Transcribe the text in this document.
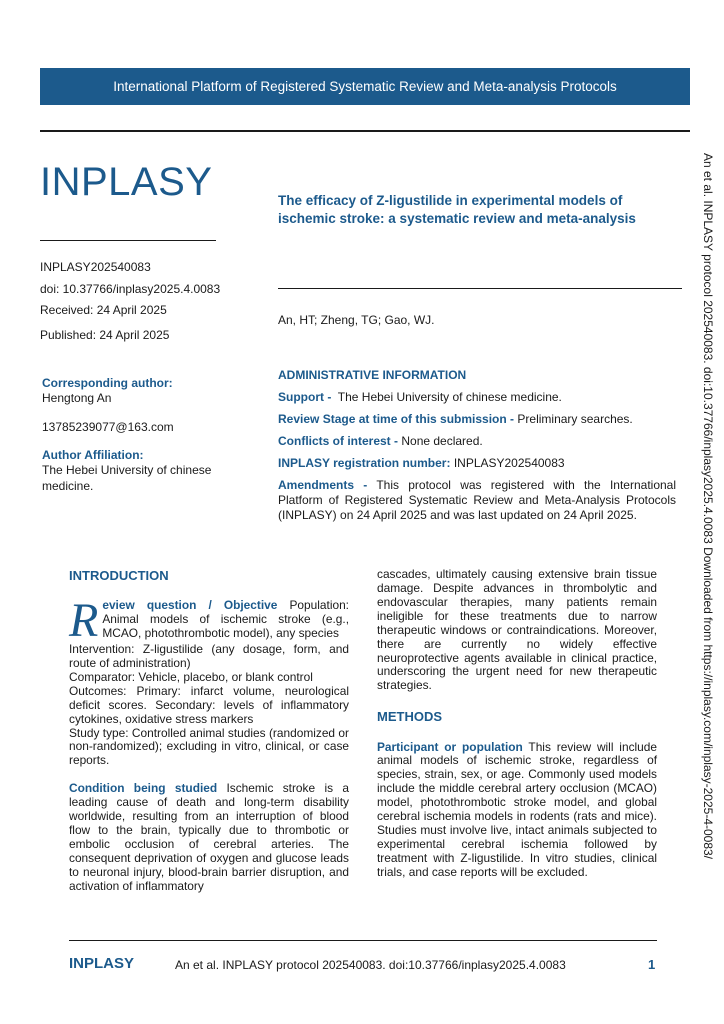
International Platform of Registered Systematic Review and Meta-analysis Protocols
INPLASY
INPLASY202540083
doi: 10.37766/inplasy2025.4.0083
Received: 24 April 2025
Published: 24 April 2025
The efficacy of Z-ligustilide in experimental models of ischemic stroke: a systematic review and meta-analysis
An, HT; Zheng, TG; Gao, WJ.
Corresponding author:
Hengtong An
13785239077@163.com
Author Affiliation:
The Hebei University of chinese medicine.
ADMINISTRATIVE INFORMATION

Support -  The Hebei University of chinese medicine.

Review Stage at time of this submission - Preliminary searches.

Conflicts of interest - None declared.

INPLASY registration number: INPLASY202540083

Amendments - This protocol was registered with the International Platform of Registered Systematic Review and Meta-Analysis Protocols (INPLASY) on 24 April 2025 and was last updated on 24 April 2025.

INTRODUCTION

Review question / Objective Population: Animal models of ischemic stroke (e.g., MCAO, photothrombotic model), any species

Intervention: Z-ligustilide (any dosage, form, and route of administration)

Comparator: Vehicle, placebo, or blank control

Outcomes: Primary: infarct volume, neurological deficit scores. Secondary: levels of inflammatory cytokines, oxidative stress markers

Study type: Controlled animal studies (randomized or non-randomized); excluding in vitro, clinical, or case reports.

Condition being studied Ischemic stroke is a leading cause of death and long-term disability worldwide, resulting from an interruption of blood flow to the brain, typically due to thrombotic or embolic occlusion of cerebral arteries. The consequent deprivation of oxygen and glucose leads to neuronal injury, blood-brain barrier disruption, and activation of inflammatory

cascades, ultimately causing extensive brain tissue damage. Despite advances in thrombolytic and endovascular therapies, many patients remain ineligible for these treatments due to narrow therapeutic windows or contraindications. Moreover, there are currently no widely effective neuroprotective agents available in clinical practice, underscoring the urgent need for new therapeutic strategies.

METHODS

Participant or population This review will include animal models of ischemic stroke, regardless of species, strain, sex, or age. Commonly used models include the middle cerebral artery occlusion (MCAO) model, photothrombotic stroke model, and global cerebral ischemia models in rodents (rats and mice). Studies must involve live, intact animals subjected to experimental cerebral ischemia followed by treatment with Z-ligustilide. In vitro studies, clinical trials, and case reports will be excluded.

An et al. INPLASY protocol 202540083. doi:10.37766/inplasy2025.4.0083 Downloaded from https://inplasy.com/inplasy-2025-4-0083/
INPLASY	An et al. INPLASY protocol 202540083. doi:10.37766/inplasy2025.4.0083	1
